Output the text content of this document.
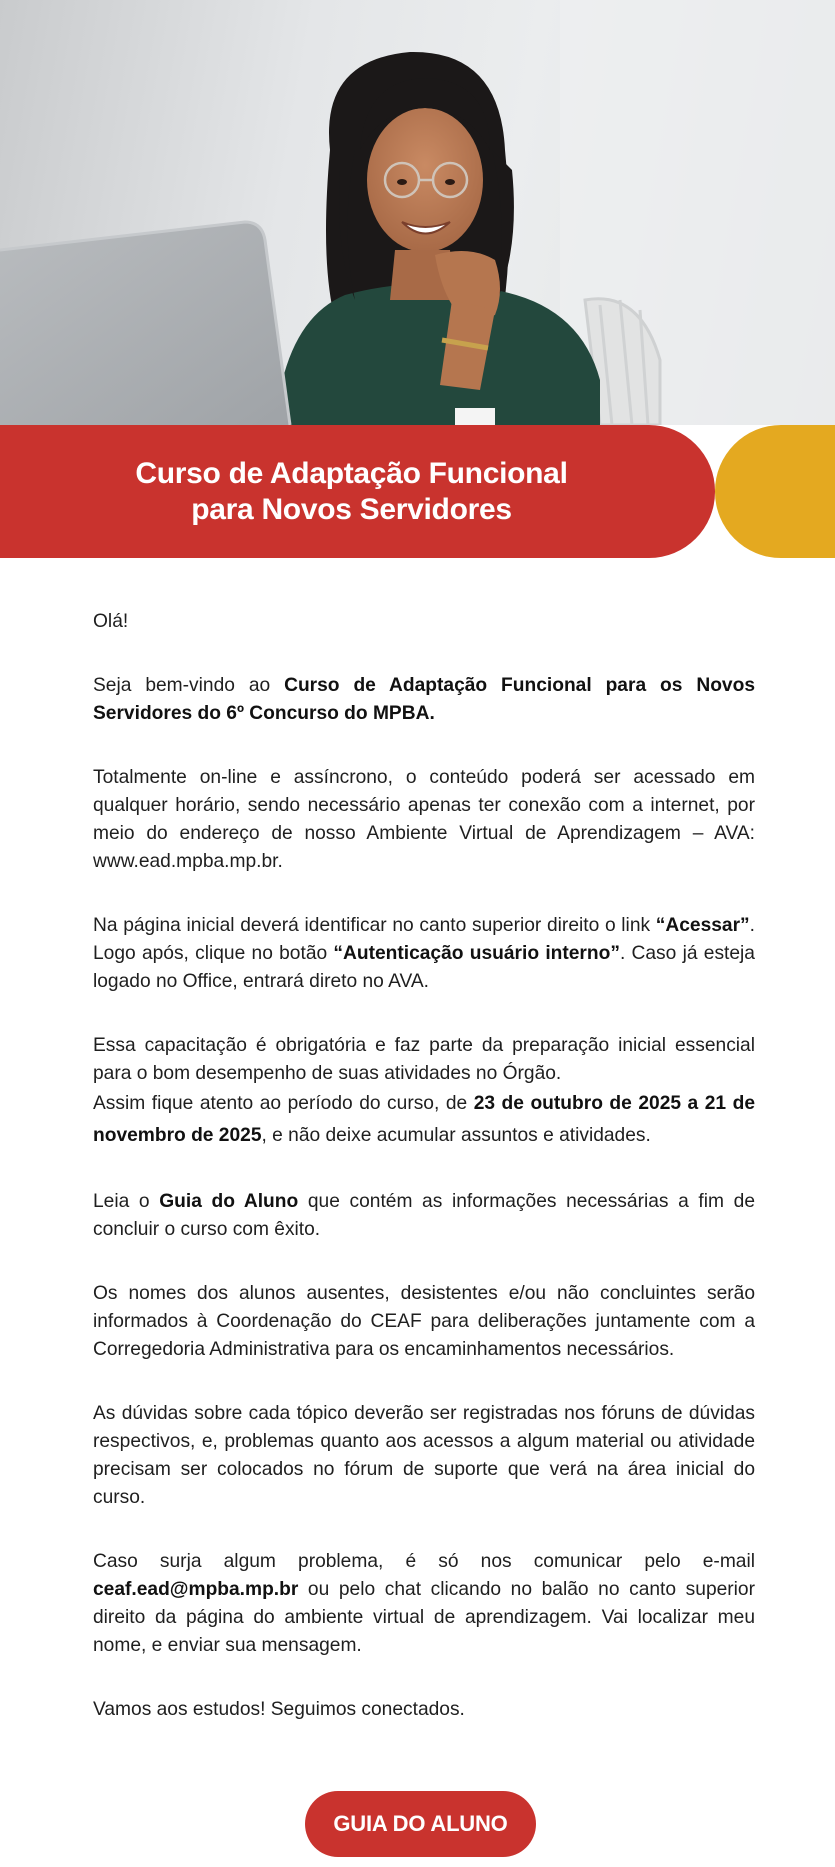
Curso de Adaptação Funcional
para Novos Servidores

Olá!

Seja bem-vindo ao Curso de Adaptação Funcional para os Novos Servidores do 6º Concurso do MPBA.

Totalmente on-line e assíncrono, o conteúdo poderá ser acessado em qualquer horário, sendo necessário apenas ter conexão com a internet, por meio do endereço de nosso Ambiente Virtual de Aprendizagem – AVA: www.ead.mpba.mp.br.

Na página inicial deverá identificar no canto superior direito o link “Acessar”. Logo após, clique no botão “Autenticação usuário interno”. Caso já esteja logado no Office, entrará direto no AVA.

Essa capacitação é obrigatória e faz parte da preparação inicial essencial para o bom desempenho de suas atividades no Órgão.

Assim fique atento ao período do curso, de 23 de outubro de 2025 a 21 de novembro de 2025, e não deixe acumular assuntos e atividades.

Leia o Guia do Aluno que contém as informações necessárias a fim de concluir o curso com êxito.

Os nomes dos alunos ausentes, desistentes e/ou não concluintes serão informados à Coordenação do CEAF para deliberações juntamente com a Corregedoria Administrativa para os encaminhamentos necessários.

As dúvidas sobre cada tópico deverão ser registradas nos fóruns de dúvidas respectivos, e, problemas quanto aos acessos a algum material ou atividade precisam ser colocados no fórum de suporte que verá na área inicial do curso.

Caso surja algum problema, é só nos comunicar pelo e-mail ceaf.ead@mpba.mp.br ou pelo chat clicando no balão no canto superior direito da página do ambiente virtual de aprendizagem. Vai localizar meu nome, e enviar sua mensagem.

Vamos aos estudos! Seguimos conectados.

GUIA DO ALUNO
